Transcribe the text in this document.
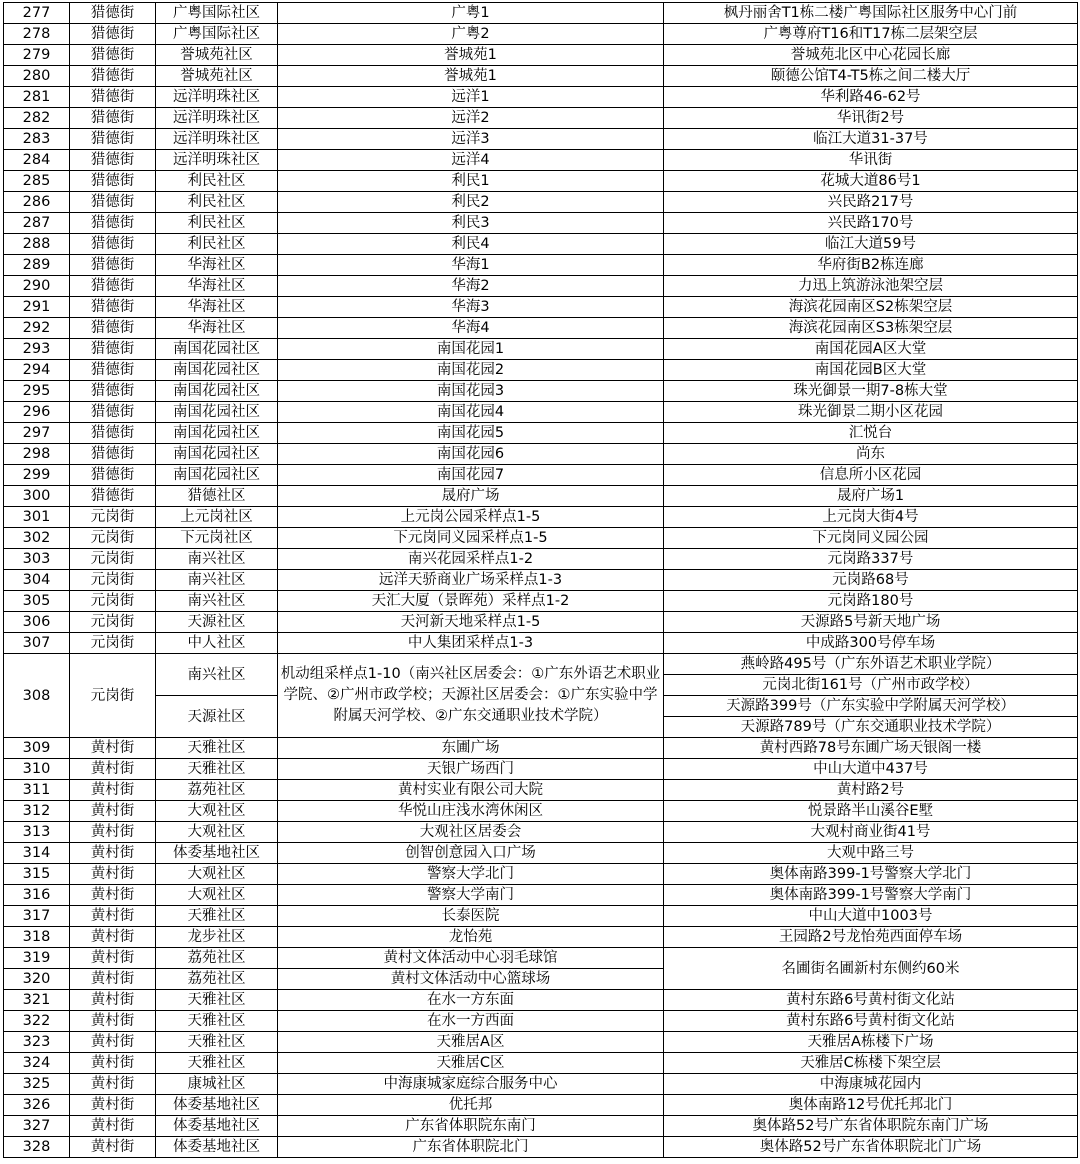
277	猎德街	广粤国际社区	广粤1	枫丹丽舍T1栋二楼广粤国际社区服务中心门前
278	猎德街	广粤国际社区	广粤2	广粤尊府T16和T17栋二层架空层
279	猎德街	誉城苑社区	誉城苑1	誉城苑北区中心花园长廊
280	猎德街	誉城苑社区	誉城苑1	颐德公馆T4-T5栋之间二楼大厅
281	猎德街	远洋明珠社区	远洋1	华利路46-62号
282	猎德街	远洋明珠社区	远洋2	华讯街2号
283	猎德街	远洋明珠社区	远洋3	临江大道31-37号
284	猎德街	远洋明珠社区	远洋4	华讯街
285	猎德街	利民社区	利民1	花城大道86号1
286	猎德街	利民社区	利民2	兴民路217号
287	猎德街	利民社区	利民3	兴民路170号
288	猎德街	利民社区	利民4	临江大道59号
289	猎德街	华海社区	华海1	华府街B2栋连廊
290	猎德街	华海社区	华海2	力迅上筑游泳池架空层
291	猎德街	华海社区	华海3	海滨花园南区S2栋架空层
292	猎德街	华海社区	华海4	海滨花园南区S3栋架空层
293	猎德街	南国花园社区	南国花园1	南国花园A区大堂
294	猎德街	南国花园社区	南国花园2	南国花园B区大堂
295	猎德街	南国花园社区	南国花园3	珠光御景一期7-8栋大堂
296	猎德街	南国花园社区	南国花园4	珠光御景二期小区花园
297	猎德街	南国花园社区	南国花园5	汇悦台
298	猎德街	南国花园社区	南国花园6	尚东
299	猎德街	南国花园社区	南国花园7	信息所小区花园
300	猎德街	猎德社区	晟府广场	晟府广场1
301	元岗街	上元岗社区	上元岗公园采样点1-5	上元岗大街4号
302	元岗街	下元岗社区	下元岗同义园采样点1-5	下元岗同义园公园
303	元岗街	南兴社区	南兴花园采样点1-2	元岗路337号
304	元岗街	南兴社区	远洋天骄商业广场采样点1-3	元岗路68号
305	元岗街	南兴社区	天汇大厦（景晖苑）采样点1-2	元岗路180号
306	元岗街	天源社区	天河新天地采样点1-5	天源路5号新天地广场
307	元岗街	中人社区	中人集团采样点1-3	中成路300号停车场
308	元岗街	南兴社区	机动组采样点1-10（南兴社区居委会：①广东外语艺术职业学院、②广州市政学校；天源社区居委会：①广东实验中学附属天河学校、②广东交通职业技术学院）	燕岭路495号（广东外语艺术职业学院）
				元岗北街161号（广州市政学校）
		天源社区		天源路399号（广东实验中学附属天河学校）
				天源路789号（广东交通职业技术学院）
309	黄村街	天雅社区	东圃广场	黄村西路78号东圃广场天银阁一楼
310	黄村街	天雅社区	天银广场西门	中山大道中437号
311	黄村街	荔苑社区	黄村实业有限公司大院	黄村路2号
312	黄村街	大观社区	华悦山庄浅水湾休闲区	悦景路半山溪谷E墅
313	黄村街	大观社区	大观社区居委会	大观村商业街41号
314	黄村街	体委基地社区	创智创意园入口广场	大观中路三号
315	黄村街	大观社区	警察大学北门	奥体南路399-1号警察大学北门
316	黄村街	大观社区	警察大学南门	奥体南路399-1号警察大学南门
317	黄村街	天雅社区	长泰医院	中山大道中1003号
318	黄村街	龙步社区	龙怡苑	王园路2号龙怡苑西面停车场
319	黄村街	荔苑社区	黄村文体活动中心羽毛球馆	名圃街名圃新村东侧约60米
320	黄村街	荔苑社区	黄村文体活动中心篮球场	
321	黄村街	天雅社区	在水一方东面	黄村东路6号黄村街文化站
322	黄村街	天雅社区	在水一方西面	黄村东路6号黄村街文化站
323	黄村街	天雅社区	天雅居A区	天雅居A栋楼下广场
324	黄村街	天雅社区	天雅居C区	天雅居C栋楼下架空层
325	黄村街	康城社区	中海康城家庭综合服务中心	中海康城花园内
326	黄村街	体委基地社区	优托邦	奥体南路12号优托邦北门
327	黄村街	体委基地社区	广东省体职院东南门	奥体路52号广东省体职院东南门广场
328	黄村街	体委基地社区	广东省体职院北门	奥体路52号广东省体职院北门广场
